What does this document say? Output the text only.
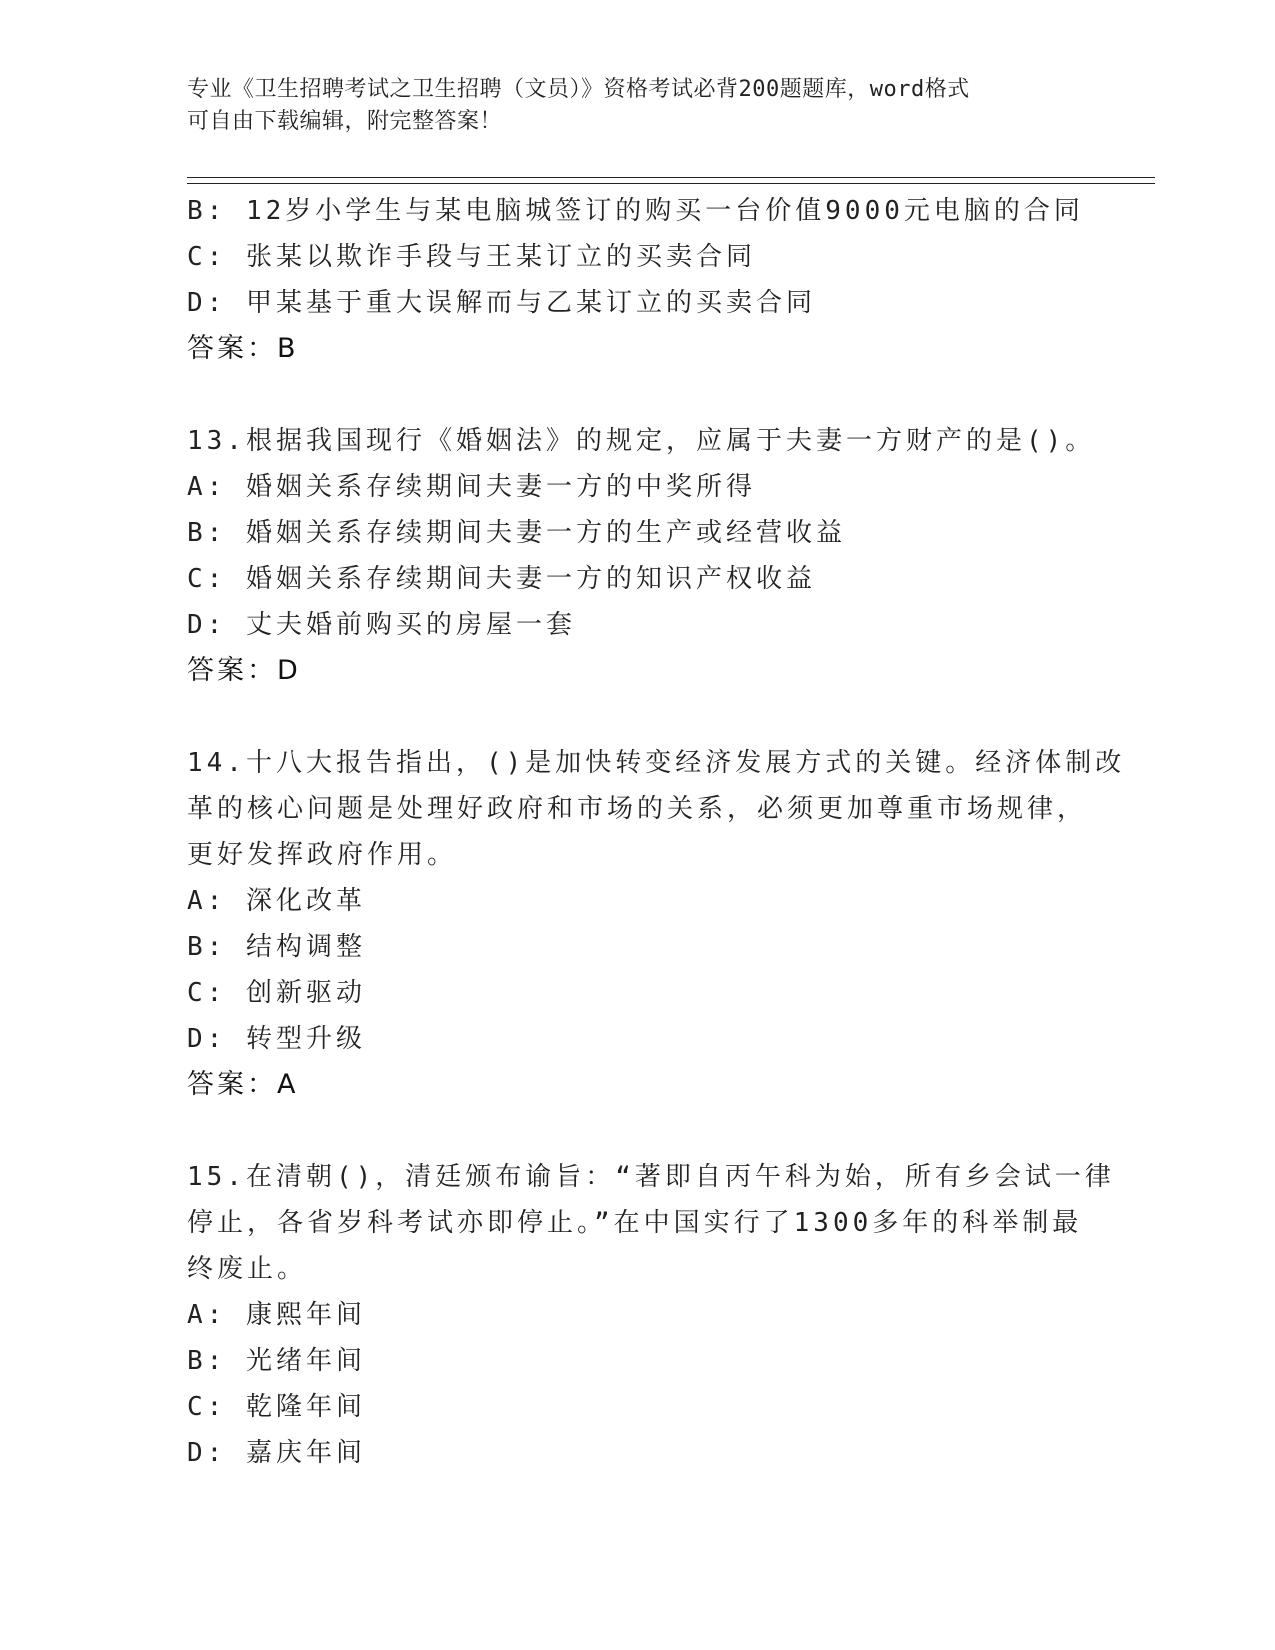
专业《卫生招聘考试之卫生招聘（文员）》资格考试必背200题题库，word格式
可自由下载编辑，附完整答案！
B: 12岁小学生与某电脑城签订的购买一台价值9000元电脑的合同
C: 张某以欺诈手段与王某订立的买卖合同
D: 甲某基于重大误解而与乙某订立的买卖合同
答案：B
13.根据我国现行《婚姻法》的规定，应属于夫妻一方财产的是()。
A: 婚姻关系存续期间夫妻一方的中奖所得
B: 婚姻关系存续期间夫妻一方的生产或经营收益
C: 婚姻关系存续期间夫妻一方的知识产权收益
D: 丈夫婚前购买的房屋一套
答案：D
14.十八大报告指出，()是加快转变经济发展方式的关键。经济体制改
革的核心问题是处理好政府和市场的关系，必须更加尊重市场规律，
更好发挥政府作用。
A: 深化改革
B: 结构调整
C: 创新驱动
D: 转型升级
答案：A
15.在清朝()，清廷颁布谕旨：“著即自丙午科为始，所有乡会试一律
停止，各省岁科考试亦即停止。”在中国实行了1300多年的科举制最
终废止。
A: 康熙年间
B: 光绪年间
C: 乾隆年间
D: 嘉庆年间
